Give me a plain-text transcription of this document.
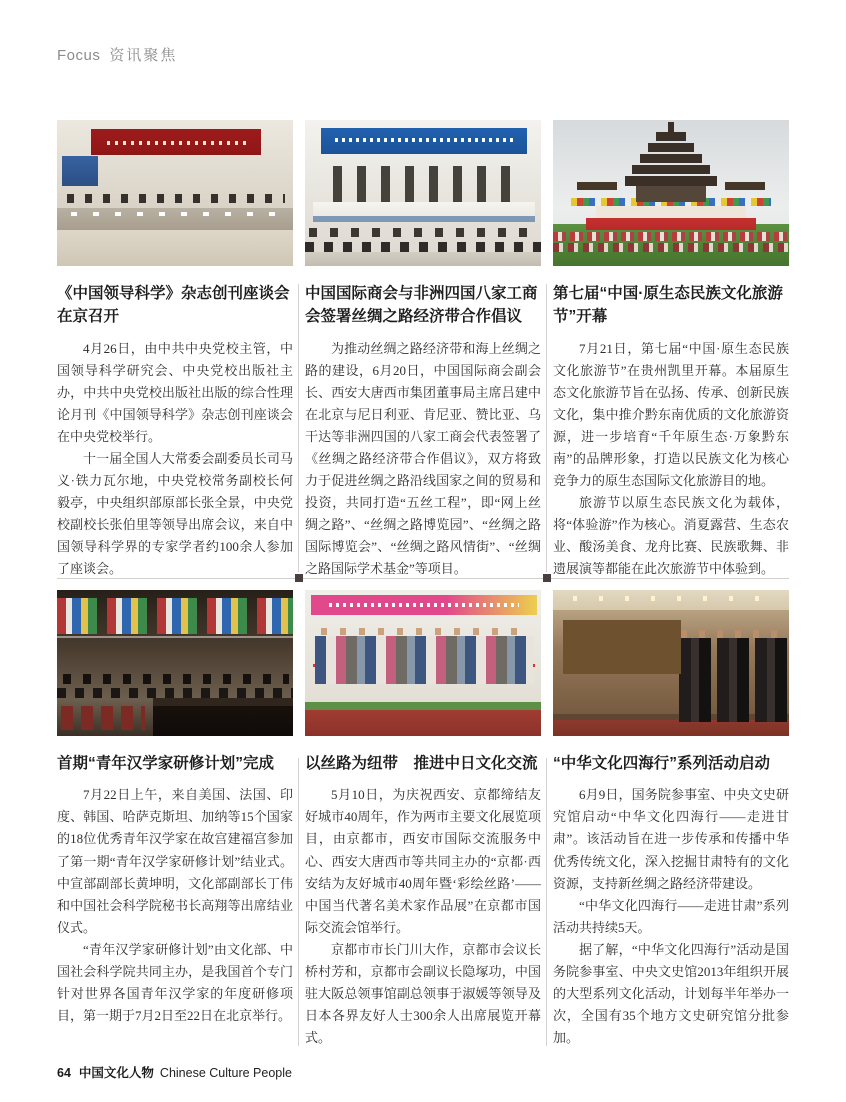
Focus 资讯聚焦
《中国领导科学》杂志创刊座谈会在京召开

4月26日，由中共中央党校主管，中国领导科学研究会、中央党校出版社主办，中共中央党校出版社出版的综合性理论月刊《中国领导科学》杂志创刊座谈会在中央党校举行。

十一届全国人大常委会副委员长司马义·铁力瓦尔地，中央党校常务副校长何毅亭，中央组织部原部长张全景，中央党校副校长张伯里等领导出席会议，来自中国领导科学界的专家学者约100余人参加了座谈会。

中国国际商会与非洲四国八家工商会签署丝绸之路经济带合作倡议

为推动丝绸之路经济带和海上丝绸之路的建设，6月20日，中国国际商会副会长、西安大唐西市集团董事局主席吕建中在北京与尼日利亚、肯尼亚、赞比亚、乌干达等非洲四国的八家工商会代表签署了《丝绸之路经济带合作倡议》，双方将致力于促进丝绸之路沿线国家之间的贸易和投资，共同打造“五丝工程”，即“网上丝绸之路”、“丝绸之路博览园”、“丝绸之路国际博览会”、“丝绸之路风情街”、“丝绸之路国际学术基金”等项目。

第七届“中国·原生态民族文化旅游节”开幕

7月21日，第七届“中国·原生态民族文化旅游节”在贵州凯里开幕。本届原生态文化旅游节旨在弘扬、传承、创新民族文化，集中推介黔东南优质的文化旅游资源，进一步培育“千年原生态·万象黔东南”的品牌形象，打造以民族文化为核心竞争力的原生态国际文化旅游目的地。

旅游节以原生态民族文化为载体，将“体验游”作为核心。消夏露营、生态农业、酸汤美食、龙舟比赛、民族歌舞、非遗展演等都能在此次旅游节中体验到。

首期“青年汉学家研修计划”完成

7月22日上午，来自美国、法国、印度、韩国、哈萨克斯坦、加纳等15个国家的18位优秀青年汉学家在故宫建福宫参加了第一期“青年汉学家研修计划”结业式。中宣部副部长黄坤明，文化部副部长丁伟和中国社会科学院秘书长高翔等出席结业仪式。

“青年汉学家研修计划”由文化部、中国社会科学院共同主办，是我国首个专门针对世界各国青年汉学家的年度研修项目，第一期于7月2日至22日在北京举行。

以丝路为纽带　推进中日文化交流

5月10日，为庆祝西安、京都缔结友好城市40周年，作为两市主要文化展览项目，由京都市，西安市国际交流服务中心、西安大唐西市等共同主办的“京都·西安结为友好城市40周年暨‘彩绘丝路’——中国当代著名美术家作品展”在京都市国际交流会馆举行。

京都市市长门川大作，京都市会议长桥村芳和，京都市会副议长隐塚功，中国驻大阪总领事馆副总领事于淑媛等领导及日本各界友好人士300余人出席展览开幕式。

“中华文化四海行”系列活动启动

6月9日，国务院参事室、中央文史研究馆启动“中华文化四海行——走进甘肃”。该活动旨在进一步传承和传播中华优秀传统文化，深入挖掘甘肃特有的文化资源，支持新丝绸之路经济带建设。

“中华文化四海行——走进甘肃”系列活动共持续5天。

据了解，“中华文化四海行”活动是国务院参事室、中央文史馆2013年组织开展的大型系列文化活动，计划每半年举办一次，全国有35个地方文史研究馆分批参加。

64 中国文化人物 Chinese Culture People
